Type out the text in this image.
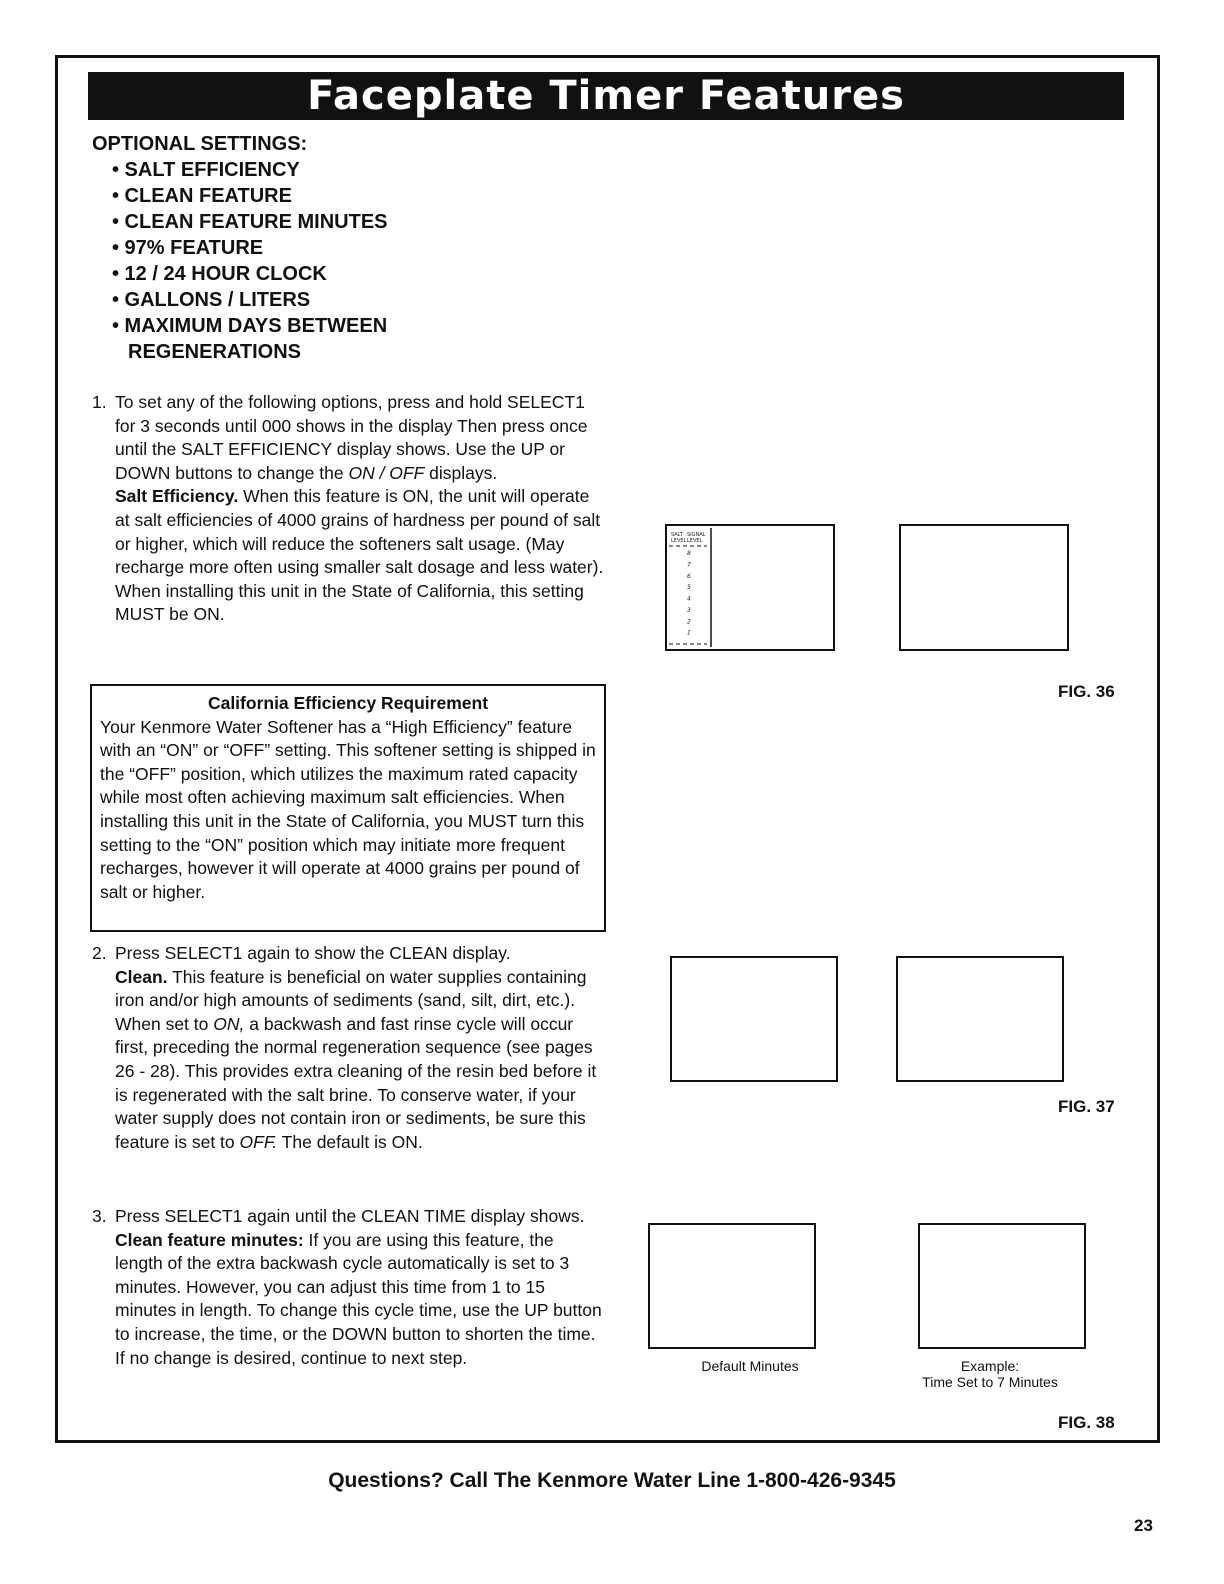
Faceplate Timer Features
OPTIONAL SETTINGS:
• SALT EFFICIENCY
• CLEAN FEATURE
• CLEAN FEATURE MINUTES
• 97% FEATURE
• 12 / 24 HOUR CLOCK
• GALLONS / LITERS
• MAXIMUM DAYS BETWEEN REGENERATIONS
1. To set any of the following options, press and hold SELECT1 for 3 seconds until 000 shows in the display Then press once until the SALT EFFICIENCY display shows. Use the UP or DOWN buttons to change the ON / OFF displays.
Salt Efficiency. When this feature is ON, the unit will operate at salt efficiencies of 4000 grains of hardness per pound of salt or higher, which will reduce the softeners salt usage. (May recharge more often using smaller salt dosage and less water). When installing this unit in the State of California, this setting MUST be ON.
California Efficiency Requirement
Your Kenmore Water Softener has a “High Efficiency” feature with an “ON” or “OFF” setting. This softener setting is shipped in the “OFF” position, which utilizes the maximum rated capacity while most often achieving maximum salt efficiencies. When installing this unit in the State of California, you MUST turn this setting to the “ON” position which may initiate more frequent recharges, however it will operate at 4000 grains per pound of salt or higher.
2. Press SELECT1 again to show the CLEAN display.
Clean. This feature is beneficial on water supplies containing iron and/or high amounts of sediments (sand, silt, dirt, etc.). When set to ON, a backwash and fast rinse cycle will occur first, preceding the normal regeneration sequence (see pages 26 - 28). This provides extra cleaning of the resin bed before it is regenerated with the salt brine. To conserve water, if your water supply does not contain iron or sediments, be sure this feature is set to OFF. The default is ON.
3. Press SELECT1 again until the CLEAN TIME display shows.
Clean feature minutes: If you are using this feature, the length of the extra backwash cycle automatically is set to 3 minutes. However, you can adjust this time from 1 to 15 minutes in length. To change this cycle time, use the UP button to increase, the time, or the DOWN button to shorten the time. If no change is desired, continue to next step.
SALT SIGNAL
LEVEL LEVEL
8
7
6
5
4
3
2
1
FIG. 36
FIG. 37
Default Minutes	Example:
Time Set to 7 Minutes
FIG. 38
Questions? Call The Kenmore Water Line 1-800-426-9345
23
